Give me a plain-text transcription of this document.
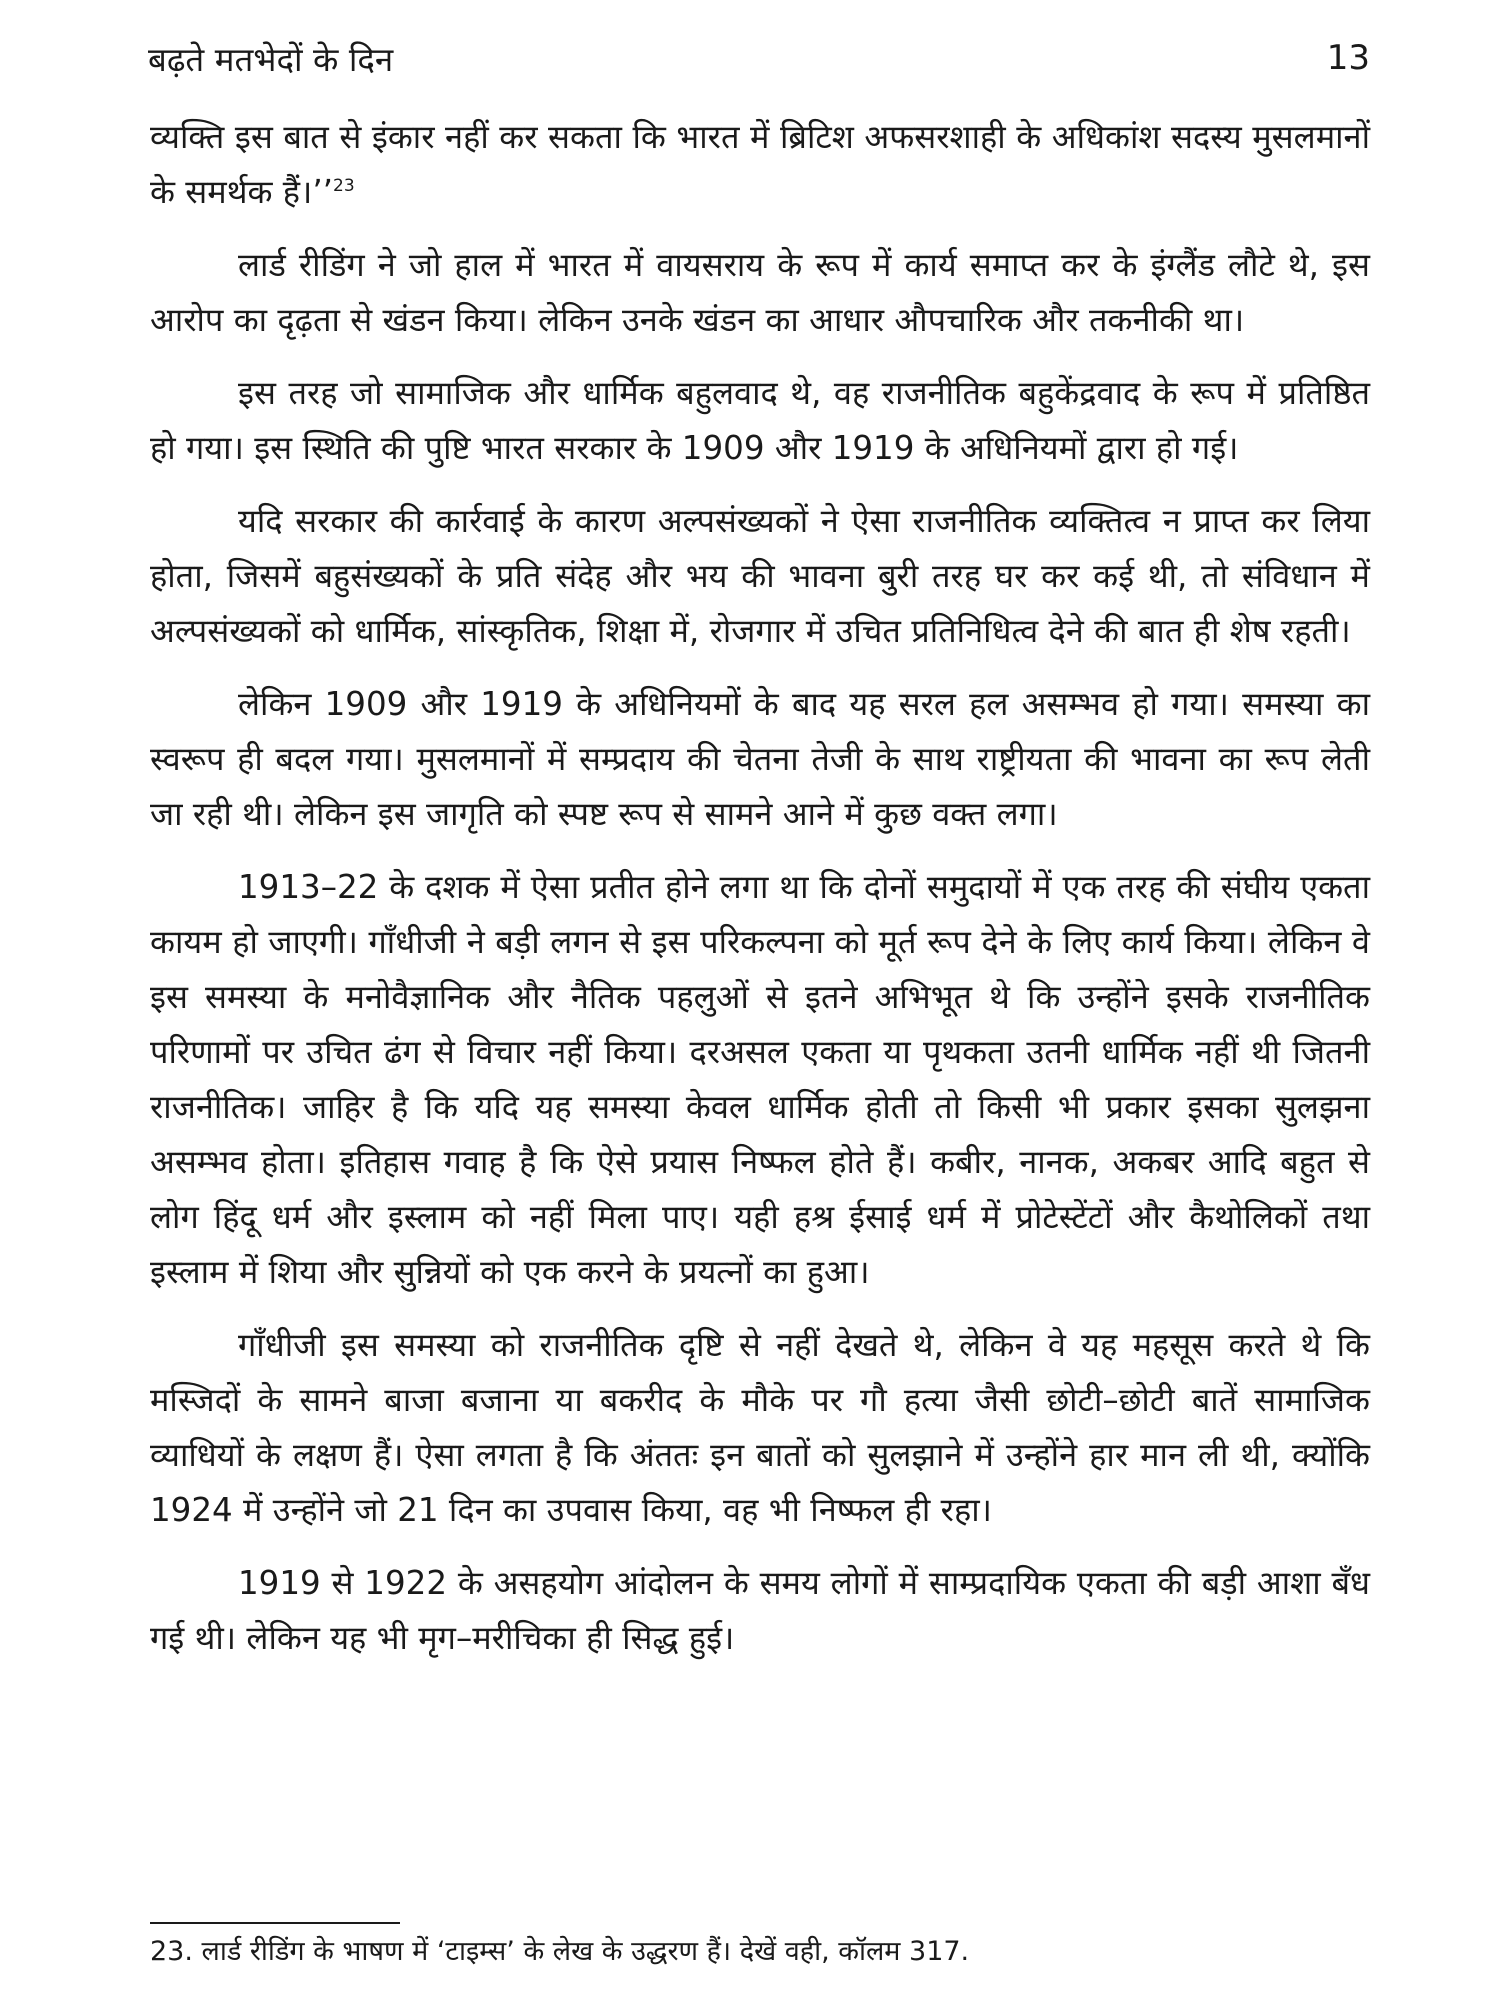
बढ़ते मतभेदों के दिन	13

व्यक्ति इस बात से इंकार नहीं कर सकता कि भारत में ब्रिटिश अफसरशाही के अधिकांश सदस्य मुसलमानों के समर्थक हैं।’’$^{23}$

लार्ड रीडिंग ने जो हाल में भारत में वायसराय के रूप में कार्य समाप्त कर के इंग्लैंड लौटे थे, इस आरोप का दृढ़ता से खंडन किया। लेकिन उनके खंडन का आधार औपचारिक और तकनीकी था।

इस तरह जो सामाजिक और धार्मिक बहुलवाद थे, वह राजनीतिक बहुकेंद्रवाद के रूप में प्रतिष्ठित हो गया। इस स्थिति की पुष्टि भारत सरकार के 1909 और 1919 के अधिनियमों द्वारा हो गई।

यदि सरकार की कार्रवाई के कारण अल्पसंख्यकों ने ऐसा राजनीतिक व्यक्तित्व न प्राप्त कर लिया होता, जिसमें बहुसंख्यकों के प्रति संदेह और भय की भावना बुरी तरह घर कर कई थी, तो संविधान में अल्पसंख्यकों को धार्मिक, सांस्कृतिक, शिक्षा में, रोजगार में उचित प्रतिनिधित्व देने की बात ही शेष रहती।

लेकिन 1909 और 1919 के अधिनियमों के बाद यह सरल हल असम्भव हो गया। समस्या का स्वरूप ही बदल गया। मुसलमानों में सम्प्रदाय की चेतना तेजी के साथ राष्ट्रीयता की भावना का रूप लेती जा रही थी। लेकिन इस जागृति को स्पष्ट रूप से सामने आने में कुछ वक्त लगा।

1913–22 के दशक में ऐसा प्रतीत होने लगा था कि दोनों समुदायों में एक तरह की संघीय एकता कायम हो जाएगी। गाँधीजी ने बड़ी लगन से इस परिकल्पना को मूर्त रूप देने के लिए कार्य किया। लेकिन वे इस समस्या के मनोवैज्ञानिक और नैतिक पहलुओं से इतने अभिभूत थे कि उन्होंने इसके राजनीतिक परिणामों पर उचित ढंग से विचार नहीं किया। दरअसल एकता या पृथकता उतनी धार्मिक नहीं थी जितनी राजनीतिक। जाहिर है कि यदि यह समस्या केवल धार्मिक होती तो किसी भी प्रकार इसका सुलझना असम्भव होता। इतिहास गवाह है कि ऐसे प्रयास निष्फल होते हैं। कबीर, नानक, अकबर आदि बहुत से लोग हिंदू धर्म और इस्लाम को नहीं मिला पाए। यही हश्र ईसाई धर्म में प्रोटेस्टेंटों और कैथोलिकों तथा इस्लाम में शिया और सुन्नियों को एक करने के प्रयत्नों का हुआ।

गाँधीजी इस समस्या को राजनीतिक दृष्टि से नहीं देखते थे, लेकिन वे यह महसूस करते थे कि मस्जिदों के सामने बाजा बजाना या बकरीद के मौके पर गौ हत्या जैसी छोटी–छोटी बातें सामाजिक व्याधियों के लक्षण हैं। ऐसा लगता है कि अंततः इन बातों को सुलझाने में उन्होंने हार मान ली थी, क्योंकि 1924 में उन्होंने जो 21 दिन का उपवास किया, वह भी निष्फल ही रहा।

1919 से 1922 के असहयोग आंदोलन के समय लोगों में साम्प्रदायिक एकता की बड़ी आशा बँध गई थी। लेकिन यह भी मृग–मरीचिका ही सिद्ध हुई।

23. लार्ड रीडिंग के भाषण में ‘टाइम्स’ के लेख के उद्धरण हैं। देखें वही, कॉलम 317.
